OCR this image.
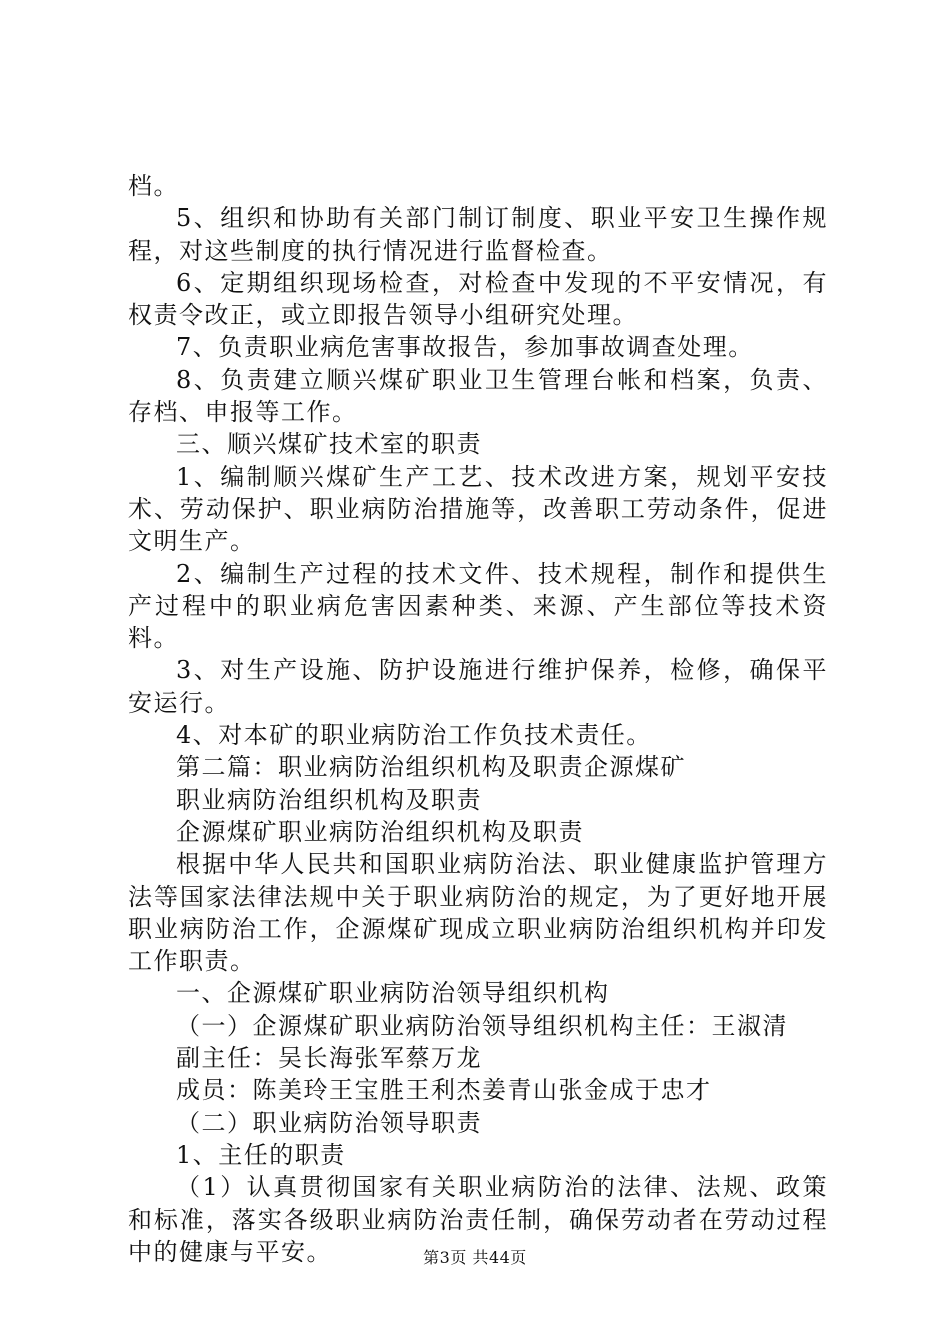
档。

5、组织和协助有关部门制订制度、职业平安卫生操作规程，对这些制度的执行情况进行监督检查。

6、定期组织现场检查，对检查中发现的不平安情况，有权责令改正，或立即报告领导小组研究处理。

7、负责职业病危害事故报告，参加事故调查处理。

8、负责建立顺兴煤矿职业卫生管理台帐和档案，负责、存档、申报等工作。

三、顺兴煤矿技术室的职责

1、编制顺兴煤矿生产工艺、技术改进方案，规划平安技术、劳动保护、职业病防治措施等，改善职工劳动条件，促进文明生产。

2、编制生产过程的技术文件、技术规程，制作和提供生产过程中的职业病危害因素种类、来源、产生部位等技术资料。

3、对生产设施、防护设施进行维护保养，检修，确保平安运行。

4、对本矿的职业病防治工作负技术责任。

第二篇：职业病防治组织机构及职责企源煤矿

职业病防治组织机构及职责

企源煤矿职业病防治组织机构及职责

根据中华人民共和国职业病防治法、职业健康监护管理方法等国家法律法规中关于职业病防治的规定，为了更好地开展职业病防治工作，企源煤矿现成立职业病防治组织机构并印发工作职责。

一、企源煤矿职业病防治领导组织机构

（一）企源煤矿职业病防治领导组织机构主任：王淑清

副主任：吴长海张军蔡万龙

成员：陈美玲王宝胜王利杰姜青山张金成于忠才

（二）职业病防治领导职责

1、主任的职责

（1）认真贯彻国家有关职业病防治的法律、法规、政策和标准，落实各级职业病防治责任制，确保劳动者在劳动过程中的健康与平安。	第3页 共44页
